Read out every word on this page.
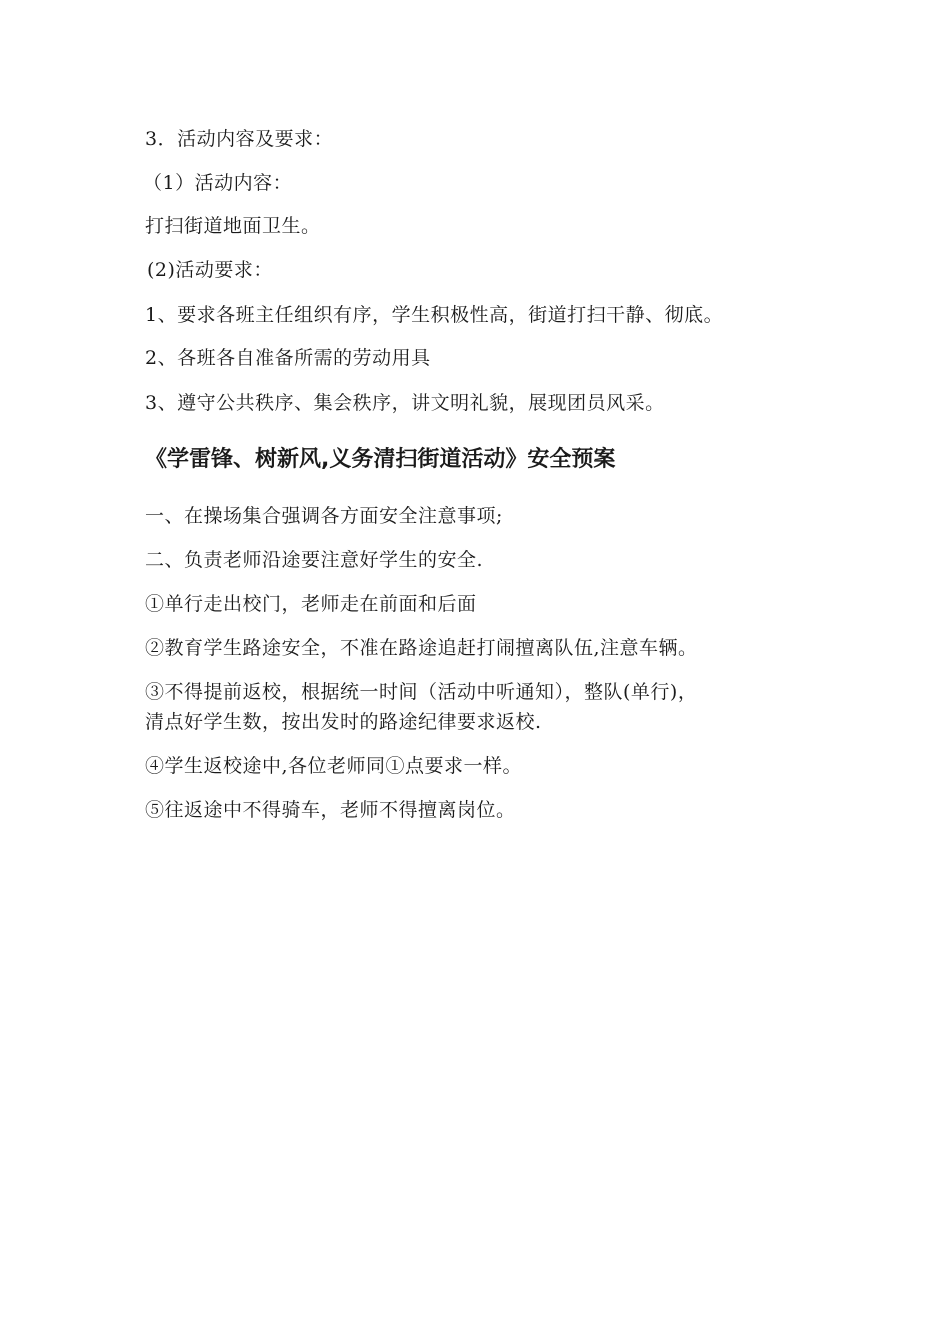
3．活动内容及要求：
（1）活动内容：
打扫街道地面卫生。
(2)活动要求：
1、要求各班主任组织有序，学生积极性高，街道打扫干静、彻底。
2、各班各自准备所需的劳动用具
3、遵守公共秩序、集会秩序，讲文明礼貌，展现团员风采。
《学雷锋、树新风,义务清扫街道活动》安全预案
一、在操场集合强调各方面安全注意事项;
二、负责老师沿途要注意好学生的安全.
①单行走出校门，老师走在前面和后面
②教育学生路途安全，不准在路途追赶打闹擅离队伍,注意车辆。
③不得提前返校，根据统一时间（活动中听通知），整队(单行)，
清点好学生数，按出发时的路途纪律要求返校.
④学生返校途中,各位老师同①点要求一样。
⑤往返途中不得骑车，老师不得擅离岗位。
